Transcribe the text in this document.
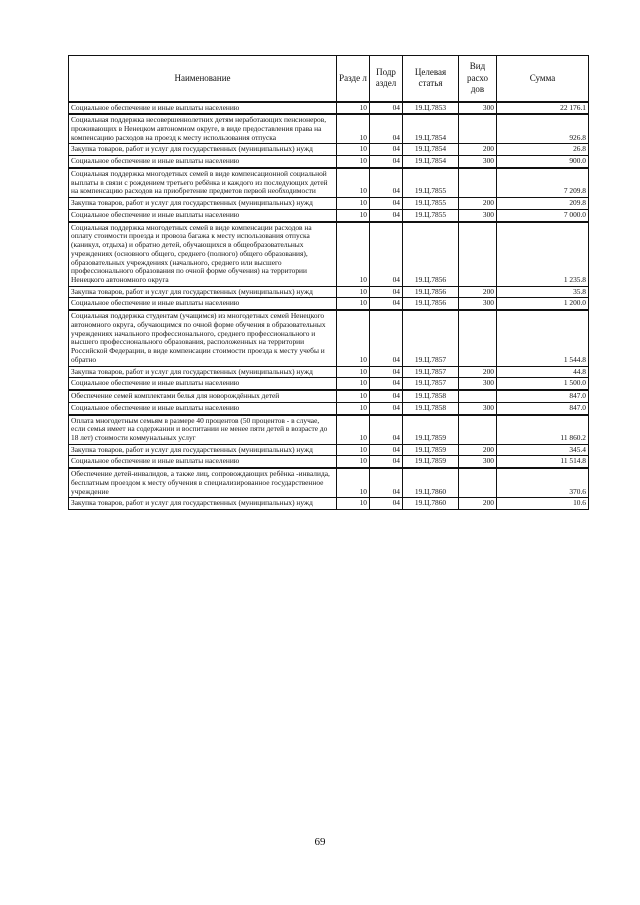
Наименование	Разде л	Подр аздел	Целевая статья	Вид расхо дов	Сумма
Социальное обеспечение и иные выплаты населению	10	04	19.Ц.7853	300	22 176.1
Социальная поддержка несовершеннолетних детям неработающих пенсионеров, проживающих в Ненецком автономном округе, в виде предоставления права на компенсацию расходов на проезд к месту использования отпуска	10	04	19.Ц.7854		926.8
Закупка товаров, работ и услуг для государственных (муниципальных) нужд	10	04	19.Ц.7854	200	26.8
Социальное обеспечение и иные выплаты населению	10	04	19.Ц.7854	300	900.0
Социальная поддержка многодетных семей в виде компенсационной социальной выплаты в связи с рождением третьего ребёнка и каждого из последующих детей на компенсацию расходов на приобретение предметов первой необходимости	10	04	19.Ц.7855		7 209.8
Закупка товаров, работ и услуг для государственных (муниципальных) нужд	10	04	19.Ц.7855	200	209.8
Социальное обеспечение и иные выплаты населению	10	04	19.Ц.7855	300	7 000.0
Социальная поддержка многодетных семей в виде компенсации расходов на оплату стоимости проезда и провоза багажа к месту использования отпуска (каникул, отдыха) и обратно детей, обучающихся в общеобразовательных учреждениях (основного общего, среднего (полного) общего образования), образовательных учреждениях (начального, среднего или высшего профессионального образования по очной форме обучения) на территории Ненецкого автономного округа	10	04	19.Ц.7856		1 235.8
Закупка товаров, работ и услуг для государственных (муниципальных) нужд	10	04	19.Ц.7856	200	35.8
Социальное обеспечение и иные выплаты населению	10	04	19.Ц.7856	300	1 200.0
Социальная поддержка студентам (учащимся) из многодетных семей Ненецкого автономного округа, обучающимся по очной форме обучения в образовательных учреждениях начального профессионального, среднего профессионального и высшего профессионального образования, расположенных на территории Российской Федерации, в виде компенсации стоимости проезда к месту учебы и обратно	10	04	19.Ц.7857		1 544.8
Закупка товаров, работ и услуг для государственных (муниципальных) нужд	10	04	19.Ц.7857	200	44.8
Социальное обеспечение и иные выплаты населению	10	04	19.Ц.7857	300	1 500.0
Обеспечение семей комплектами белья для новорождённых детей	10	04	19.Ц.7858		847.0
Социальное обеспечение и иные выплаты населению	10	04	19.Ц.7858	300	847.0
Оплата многодетным семьям в размере 40 процентов (50 процентов - в случае, если семья имеет на содержании и воспитании не менее пяти детей в возрасте до 18 лет) стоимости коммунальных услуг	10	04	19.Ц.7859		11 860.2
Закупка товаров, работ и услуг для государственных (муниципальных) нужд	10	04	19.Ц.7859	200	345.4
Социальное обеспечение и иные выплаты населению	10	04	19.Ц.7859	300	11 514.8
Обеспечение детей-инвалидов, а также лиц, сопровождающих ребёнка -инвалида, бесплатным проездом к месту обучения в специализированное государственное учреждение	10	04	19.Ц.7860		370.6
Закупка товаров, работ и услуг для государственных (муниципальных) нужд	10	04	19.Ц.7860	200	10.6
69
